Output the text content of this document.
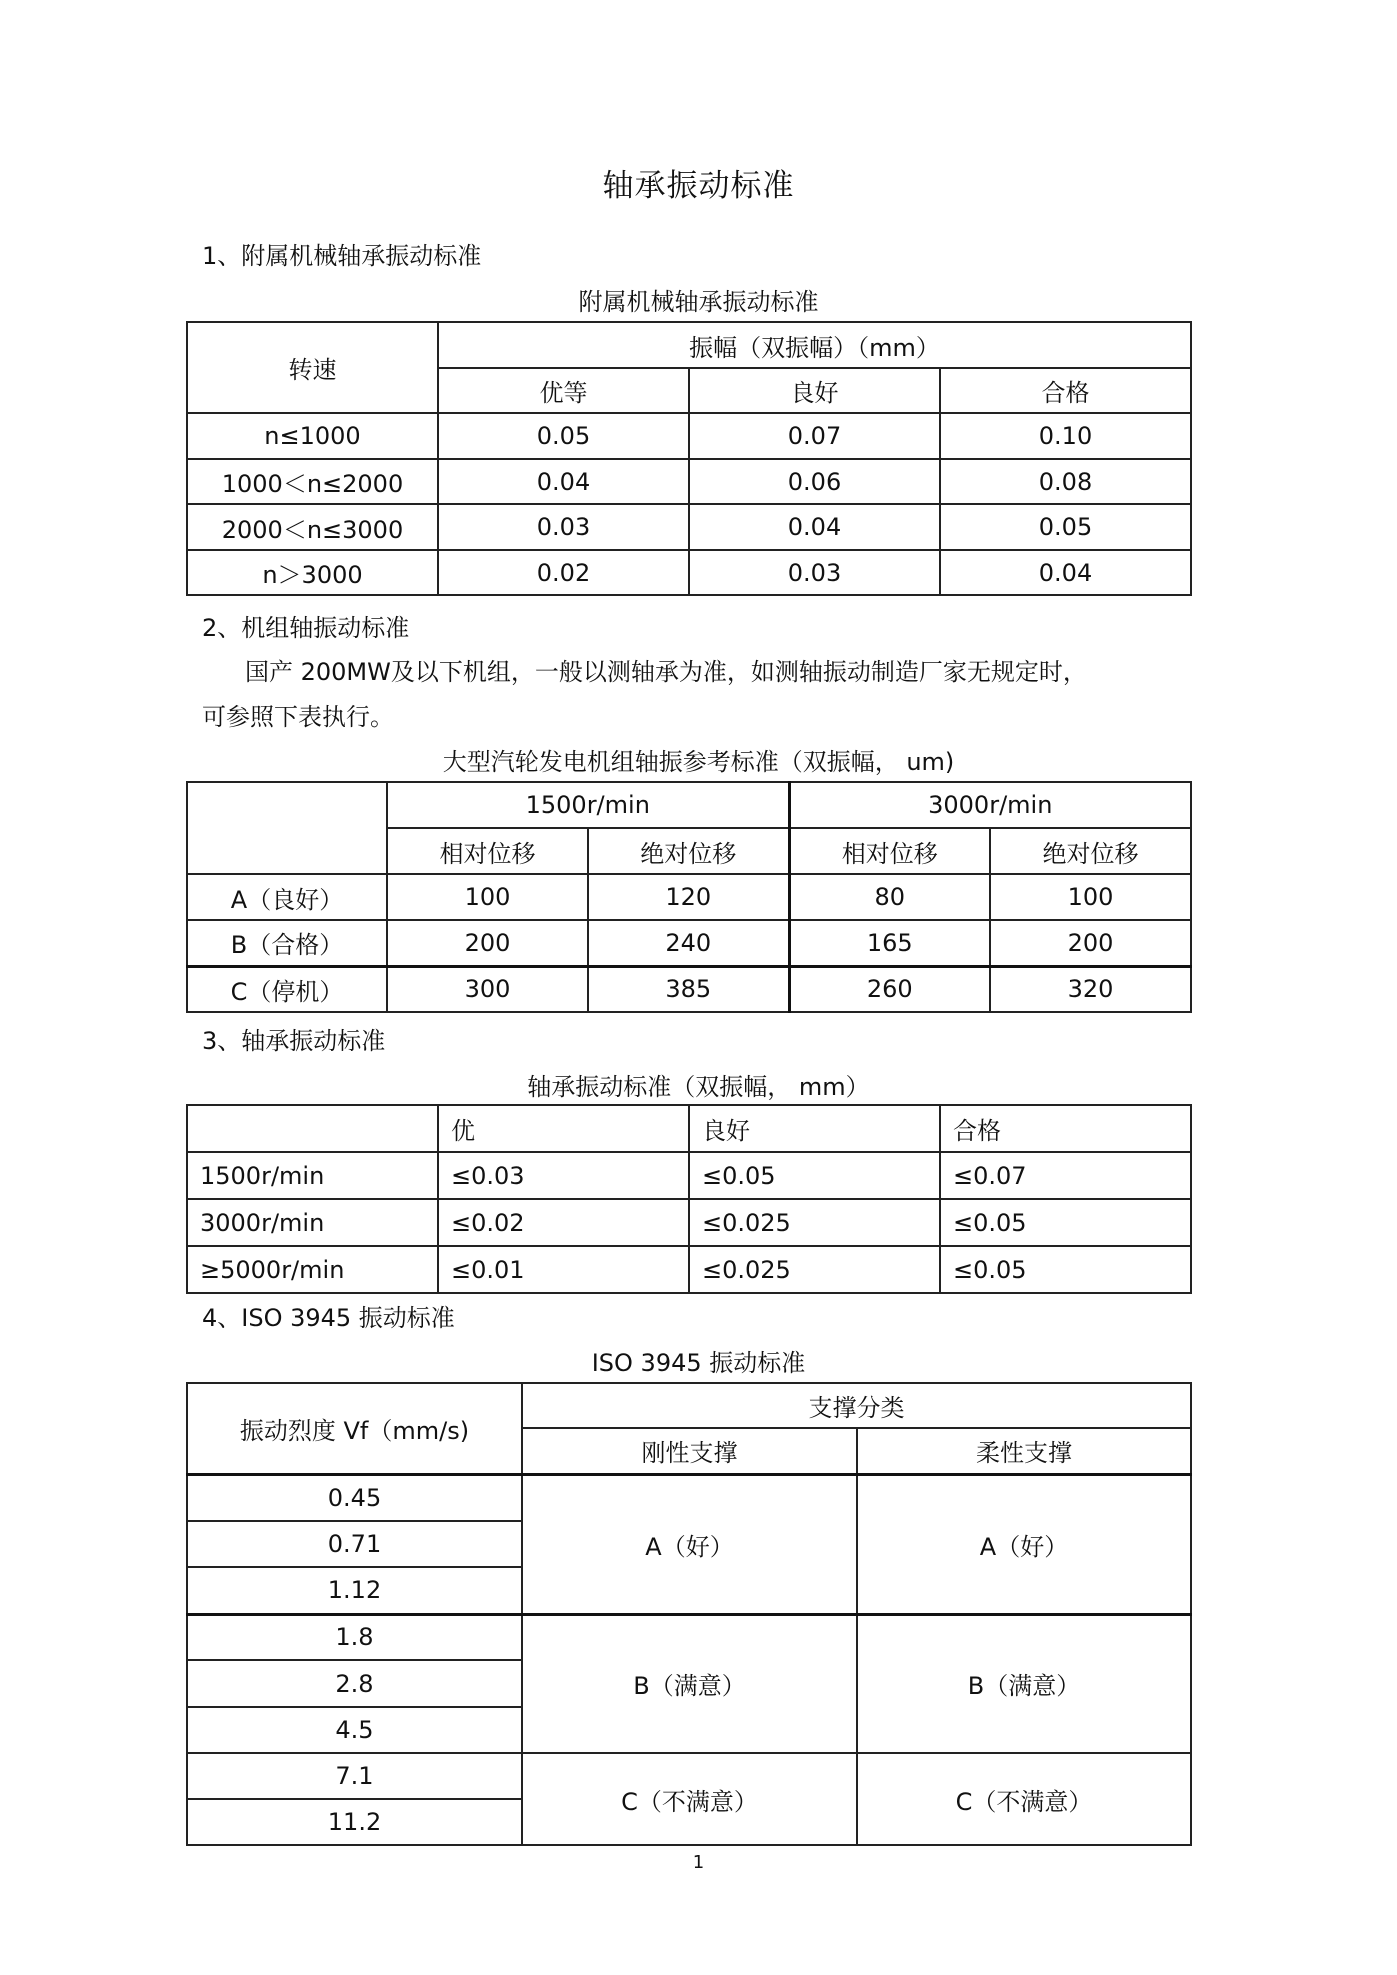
轴承振动标准
1、附属机械轴承振动标准
附属机械轴承振动标准
转速	振幅（双振幅）（mm）		
	优等	良好	合格
n≤1000	0.05	0.07	0.10
1000＜n≤2000	0.04	0.06	0.08
2000＜n≤3000	0.03	0.04	0.05
n＞3000	0.02	0.03	0.04
2、机组轴振动标准
国产 200MW及以下机组，一般以测轴承为准，如测轴振动制造厂家无规定时，
可参照下表执行。
大型汽轮发电机组轴振参考标准（双振幅， um)
	1500r/min		3000r/min	
	相对位移	绝对位移	相对位移	绝对位移
A（良好）	100	120	80	100
B（合格）	200	240	165	200
C（停机）	300	385	260	320
3、轴承振动标准
轴承振动标准（双振幅， mm）
	优	良好	合格
1500r/min	≤0.03	≤0.05	≤0.07
3000r/min	≤0.02	≤0.025	≤0.05
≥5000r/min	≤0.01	≤0.025	≤0.05
4、ISO 3945 振动标准
ISO 3945 振动标准
振动烈度 Vf（mm/s)	支撑分类	
	刚性支撑	柔性支撑
0.45	A（好）	A（好）
0.71		
1.12		
1.8	B（满意）	B（满意）
2.8		
4.5		
7.1	C（不满意）	C（不满意）
11.2		
1
